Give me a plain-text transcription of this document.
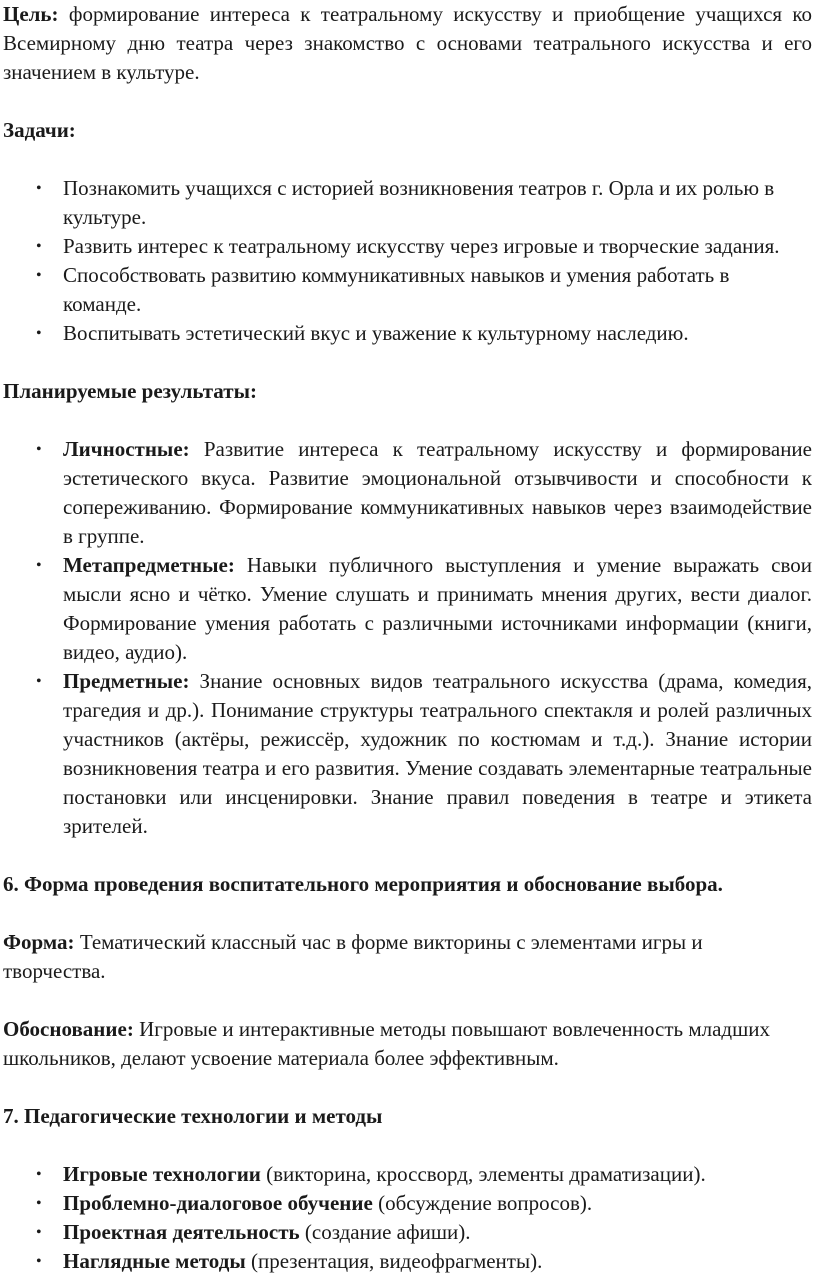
Цель: формирование интереса к театральному искусству и приобщение учащихся ко Всемирному дню театра через знакомство с основами театрального искусства и его значением в культуре.

Задачи:

• Познакомить учащихся с историей возникновения театров г. Орла и их ролью в культуре.
• Развить интерес к театральному искусству через игровые и творческие задания.
• Способствовать развитию коммуникативных навыков и умения работать в команде.
• Воспитывать эстетический вкус и уважение к культурному наследию.

Планируемые результаты:

• Личностные: Развитие интереса к театральному искусству и формирование эстетического вкуса. Развитие эмоциональной отзывчивости и способности к сопереживанию. Формирование коммуникативных навыков через взаимодействие в группе.
• Метапредметные: Навыки публичного выступления и умение выражать свои мысли ясно и чётко. Умение слушать и принимать мнения других, вести диалог. Формирование умения работать с различными источниками информации (книги, видео, аудио).
• Предметные: Знание основных видов театрального искусства (драма, комедия, трагедия и др.). Понимание структуры театрального спектакля и ролей различных участников (актёры, режиссёр, художник по костюмам и т.д.). Знание истории возникновения театра и его развития. Умение создавать элементарные театральные постановки или инсценировки. Знание правил поведения в театре и этикета зрителей.

6. Форма проведения воспитательного мероприятия и обоснование выбора.

Форма: Тематический классный час в форме викторины с элементами игры и творчества.

Обоснование: Игровые и интерактивные методы повышают вовлеченность младших школьников, делают усвоение материала более эффективным.

7. Педагогические технологии и методы

• Игровые технологии (викторина, кроссворд, элементы драматизации).
• Проблемно-диалоговое обучение (обсуждение вопросов).
• Проектная деятельность (создание афиши).
• Наглядные методы (презентация, видеофрагменты).
